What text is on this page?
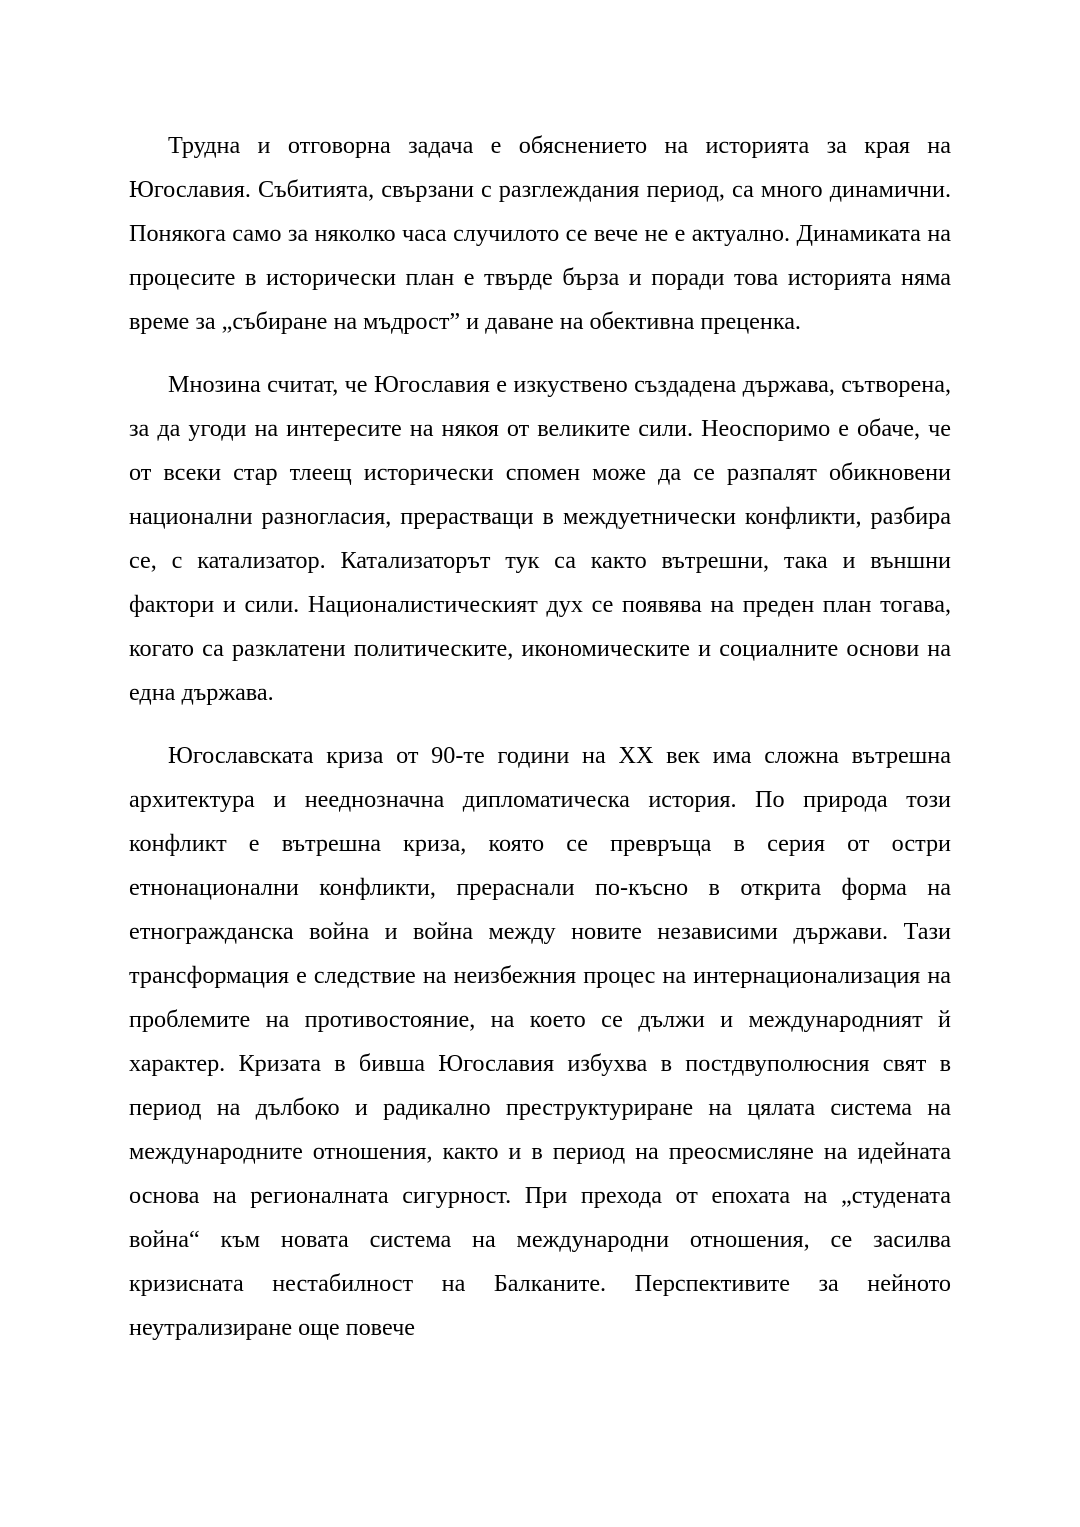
Трудна и отговорна задача е обяснението на историята за края на Югославия. Събитията, свързани с разглеждания период, са много динамични. Понякога само за няколко часа случилото се вече не е актуално. Динамиката на процесите в исторически план е твърде бърза и поради това историята няма време за „събиране на мъдрост” и даване на обективна преценка.

Мнозина считат, че Югославия е изкуствено създадена държава, сътворена, за да угоди на интересите на някоя от великите сили. Неоспоримо е обаче, че от всеки стар тлеещ исторически спомен може да се разпалят обикновени национални разногласия, прерастващи в междуетнически конфликти, разбира се, с катализатор. Катализаторът тук са както вътрешни, така и външни фактори и сили. Националистическият дух се появява на преден план тогава, когато са разклатени политическите, икономическите и социалните основи на една държава.

Югославската криза от 90-те години на XX век има сложна вътрешна архитектура и нееднозначна дипломатическа история. По природа този конфликт е вътрешна криза, която се превръща в серия от остри етнонационални конфликти, прераснали по-късно в открита форма на етногражданска война и война между новите независими държави. Тази трансформация е следствие на неизбежния процес на интернационализация на проблемите на противостояние, на което се дължи и международният й характер. Кризата в бивша Югославия избухва в постдвуполюсния свят в период на дълбоко и радикално преструктуриране на цялата система на международните отношения, както и в период на преосмисляне на идейната основа на регионалната сигурност. При прехода от епохата на „студената война“ към новата система на международни отношения, се засилва кризисната нестабилност на Балканите. Перспективите за нейното неутрализиране още повече
